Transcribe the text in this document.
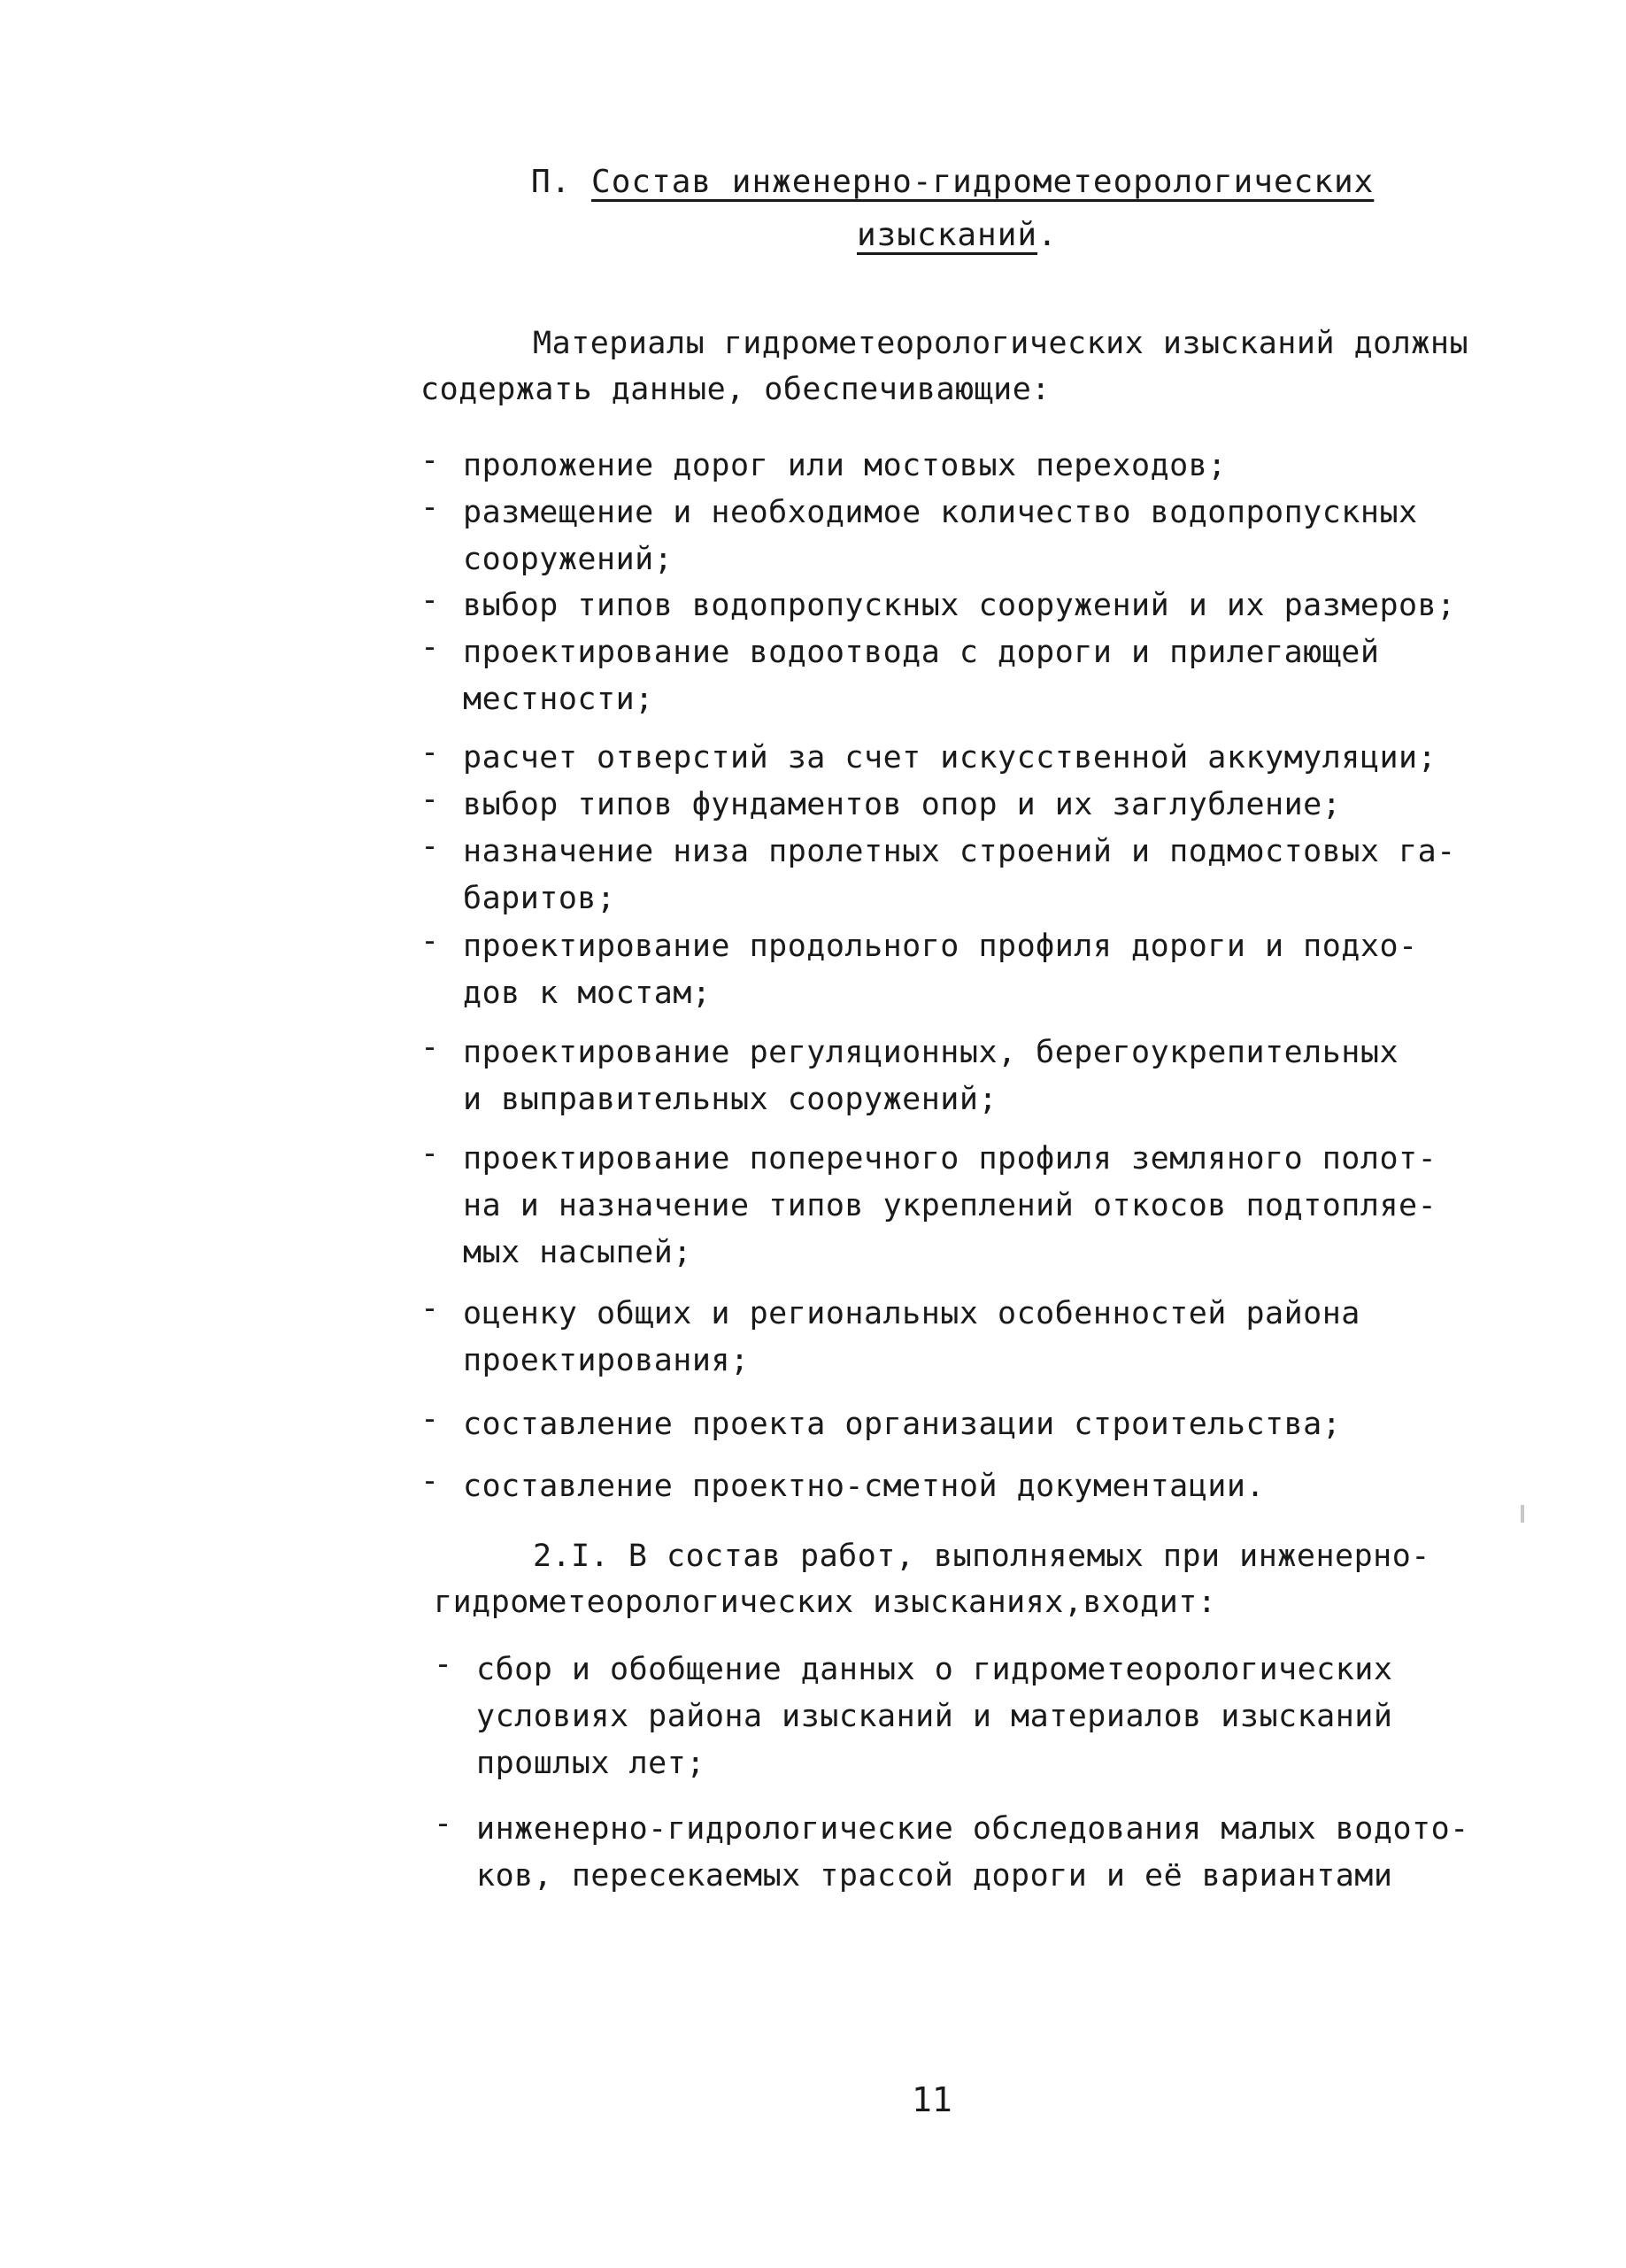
П. Состав инженерно-гидрометеорологических
изысканий.
Материалы гидрометеорологических изысканий должны
содержать данные, обеспечивающие:
- проложение дорог или мостовых переходов;
- размещение и необходимое количество водопропускных
сооружений;
- выбор типов водопропускных сооружений и их размеров;
- проектирование водоотвода с дороги и прилегающей
местности;
- расчет отверстий за счет искусственной аккумуляции;
- выбор типов фундаментов опор и их заглубление;
- назначение низа пролетных строений и подмостовых га-
баритов;
- проектирование продольного профиля дороги и подхо-
дов к мостам;
- проектирование регуляционных, берегоукрепительных
и выправительных сооружений;
- проектирование поперечного профиля земляного полот-
на и назначение типов укреплений откосов подтопляе-
мых насыпей;
- оценку общих и региональных особенностей района
проектирования;
- составление проекта организации строительства;
- составление проектно-сметной документации.
2.I. В состав работ, выполняемых при инженерно-
гидрометеорологических изысканиях,входит:
- сбор и обобщение данных о гидрометеорологических
условиях района изысканий и материалов изысканий
прошлых лет;
- инженерно-гидрологические обследования малых водото-
ков, пересекаемых трассой дороги и её вариантами
11
